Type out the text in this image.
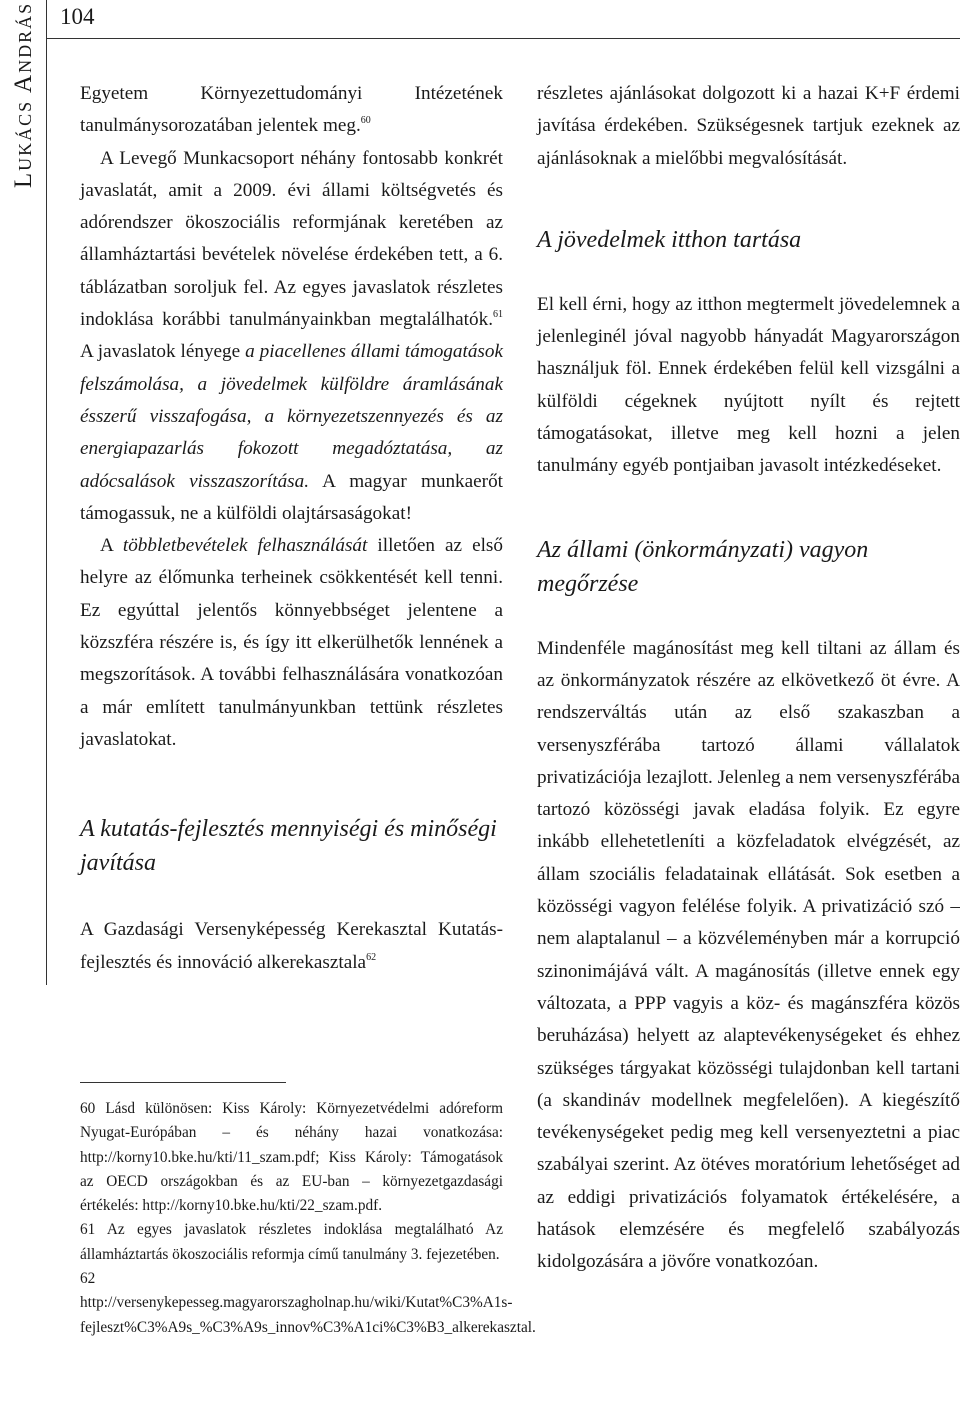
Lukács András 104

Egyetem Környezettudományi Intézetének tanulmánysorozatában jelentek meg.$^{60}$

A Levegő Munkacsoport néhány fontosabb konkrét javaslatát, amit a 2009. évi állami költségvetés és adórendszer ökoszociális reformjának keretében az államháztartási bevételek növelése érdekében tett, a 6. táblázatban soroljuk fel. Az egyes javaslatok részletes indoklása korábbi tanulmányainkban megtalálhatók.$^{61}$ A javaslatok lényege a piacellenes állami támogatások felszámolása, a jövedelmek külföldre áramlásának ésszerű visszafogása, a környezetszennyezés és az energiapazarlás fokozott megadóztatása, az adócsalások visszaszorítása. A magyar munkaerőt támogassuk, ne a külföldi olajtársaságokat!

A többletbevételek felhasználását illetően az első helyre az élőmunka terheinek csökkentését kell tenni. Ez egyúttal jelentős könnyebbséget jelentene a közszféra részére is, és így itt elkerülhetők lennének a megszorítások. A további felhasználására vonatkozóan a már említett tanulmányunkban tettünk részletes javaslatokat.

A kutatás-fejlesztés mennyiségi és minőségi javítása

A Gazdasági Versenyképesség Kerekasztal Kutatás-fejlesztés és innováció alkerekasztala$^{62}$

60 Lásd különösen: Kiss Károly: Környezetvédelmi adóreform Nyugat-Európában – és néhány hazai vonatkozása: http://korny10.bke.hu/kti/11_szam.pdf; Kiss Károly: Támogatások az OECD országokban és az EU-ban – környezetgazdasági értékelés: http://korny10.bke.hu/kti/22_szam.pdf.

61 Az egyes javaslatok részletes indoklása megtalálható Az államháztartás ökoszociális reformja című tanulmány 3. fejezetében.

62 http://versenykepesseg.magyarorszagholnap.hu/wiki/Kutat%C3%A1s-fejleszt%C3%A9s_%C3%A9s_innov%C3%A1ci%C3%B3_alkerekasztal.

részletes ajánlásokat dolgozott ki a hazai K+F érdemi javítása érdekében. Szükségesnek tartjuk ezeknek az ajánlásoknak a mielőbbi megvalósítását.

A jövedelmek itthon tartása

El kell érni, hogy az itthon megtermelt jövedelemnek a jelenleginél jóval nagyobb hányadát Magyarországon használjuk föl. Ennek érdekében felül kell vizsgálni a külföldi cégeknek nyújtott nyílt és rejtett támogatásokat, illetve meg kell hozni a jelen tanulmány egyéb pontjaiban javasolt intézkedéseket.

Az állami (önkormányzati) vagyon megőrzése

Mindenféle magánosítást meg kell tiltani az állam és az önkormányzatok részére az elkövetkező öt évre. A rendszerváltás után az első szakaszban a versenyszférába tartozó állami vállalatok privatizációja lezajlott. Jelenleg a nem versenyszférába tartozó közösségi javak eladása folyik. Ez egyre inkább ellehetetleníti a közfeladatok elvégzését, az állam szociális feladatainak ellátását. Sok esetben a közösségi vagyon felélése folyik. A privatizáció szó – nem alaptalanul – a közvéleményben már a korrupció szinonimájává vált. A magánosítás (illetve ennek egy változata, a PPP vagyis a köz- és magánszféra közös beruházása) helyett az alaptevékenységeket és ehhez szükséges tárgyakat közösségi tulajdonban kell tartani (a skandináv modellnek megfelelően). A kiegészítő tevékenységeket pedig meg kell versenyeztetni a piac szabályai szerint. Az ötéves moratórium lehetőséget ad az eddigi privatizációs folyamatok értékelésére, a hatások elemzésére és megfelelő szabályozás kidolgozására a jövőre vonatkozóan.
